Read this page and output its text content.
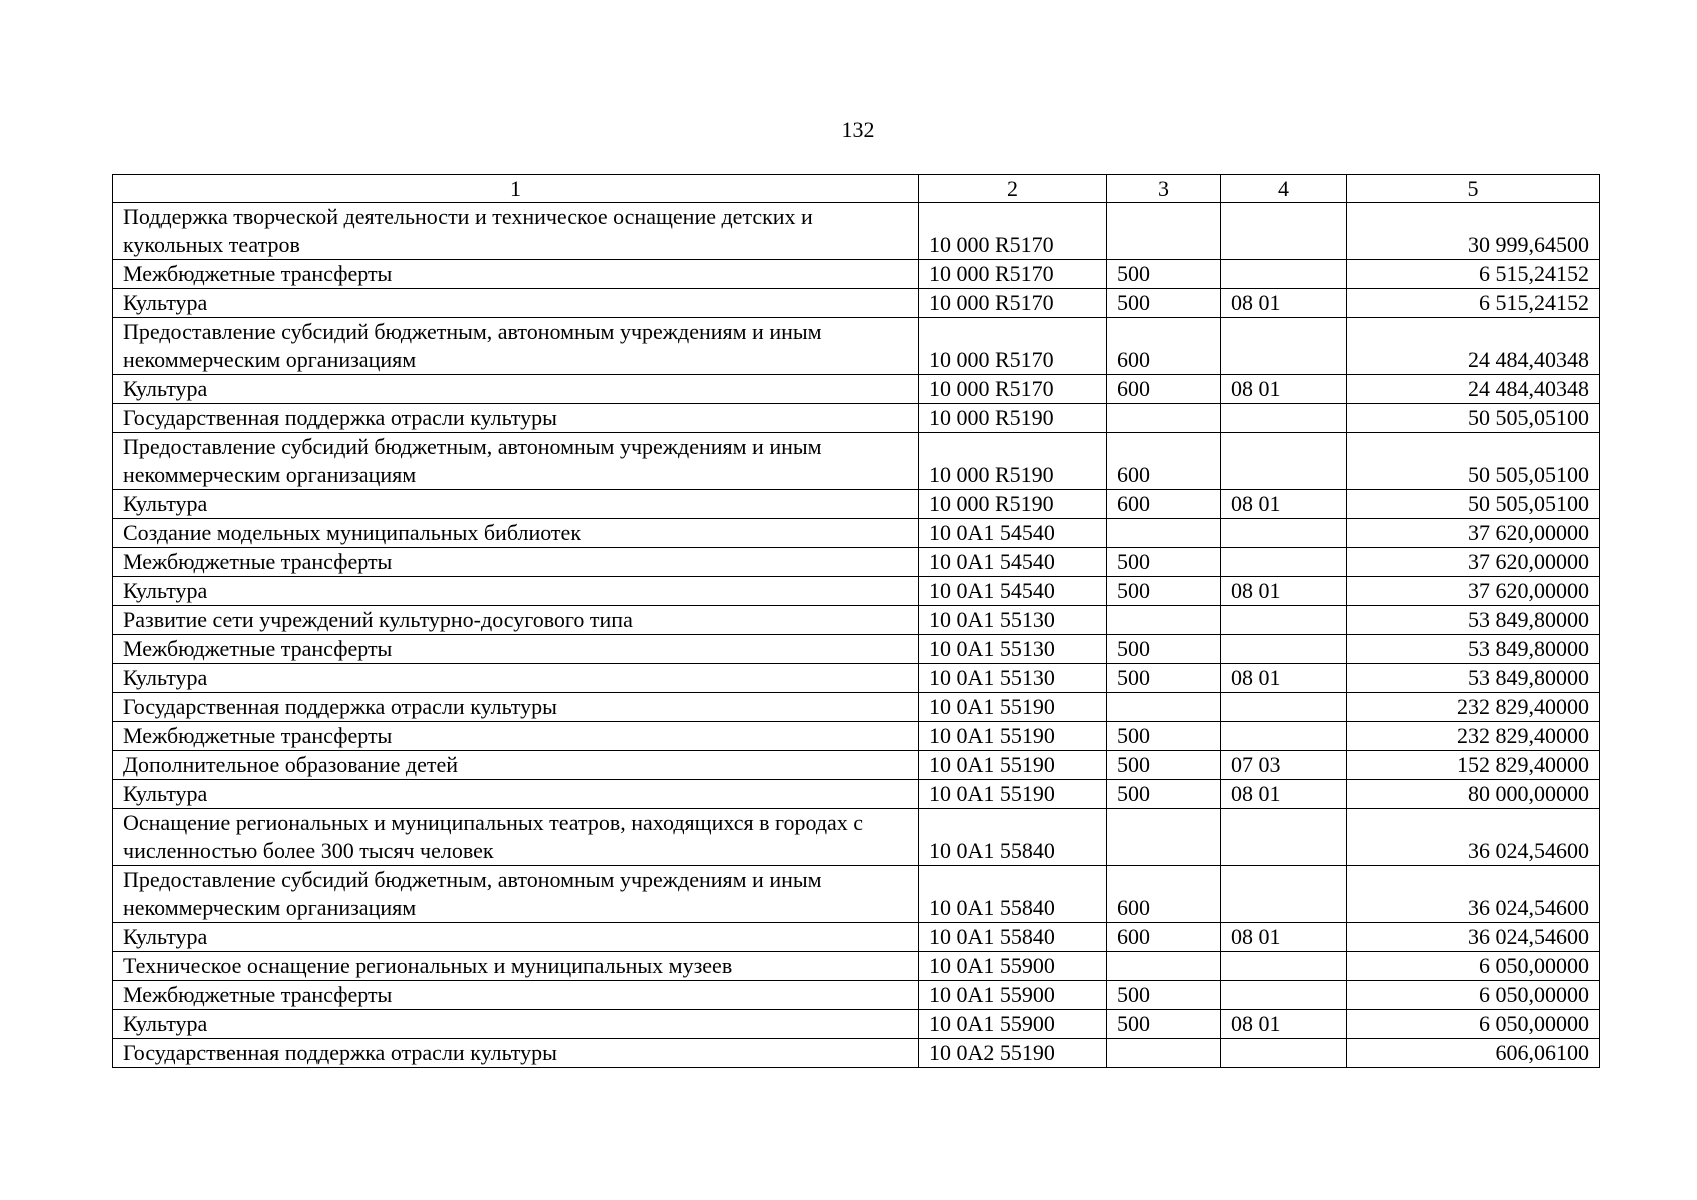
132
1	2	3	4	5
Поддержка творческой деятельности и техническое оснащение детских и кукольных театров	10 000 R5170			30 999,64500
Межбюджетные трансферты	10 000 R5170	500		6 515,24152
Культура	10 000 R5170	500	08 01	6 515,24152
Предоставление субсидий бюджетным, автономным учреждениям и иным некоммерческим организациям	10 000 R5170	600		24 484,40348
Культура	10 000 R5170	600	08 01	24 484,40348
Государственная поддержка отрасли культуры	10 000 R5190			50 505,05100
Предоставление субсидий бюджетным, автономным учреждениям и иным некоммерческим организациям	10 000 R5190	600		50 505,05100
Культура	10 000 R5190	600	08 01	50 505,05100
Создание модельных муниципальных библиотек	10 0A1 54540			37 620,00000
Межбюджетные трансферты	10 0A1 54540	500		37 620,00000
Культура	10 0A1 54540	500	08 01	37 620,00000
Развитие сети учреждений культурно-досугового типа	10 0A1 55130			53 849,80000
Межбюджетные трансферты	10 0A1 55130	500		53 849,80000
Культура	10 0A1 55130	500	08 01	53 849,80000
Государственная поддержка отрасли культуры	10 0A1 55190			232 829,40000
Межбюджетные трансферты	10 0A1 55190	500		232 829,40000
Дополнительное образование детей	10 0A1 55190	500	07 03	152 829,40000
Культура	10 0A1 55190	500	08 01	80 000,00000
Оснащение региональных и муниципальных театров, находящихся в городах с численностью более 300 тысяч человек	10 0A1 55840			36 024,54600
Предоставление субсидий бюджетным, автономным учреждениям и иным некоммерческим организациям	10 0A1 55840	600		36 024,54600
Культура	10 0A1 55840	600	08 01	36 024,54600
Техническое оснащение региональных и муниципальных музеев	10 0A1 55900			6 050,00000
Межбюджетные трансферты	10 0A1 55900	500		6 050,00000
Культура	10 0A1 55900	500	08 01	6 050,00000
Государственная поддержка отрасли культуры	10 0A2 55190			606,06100
